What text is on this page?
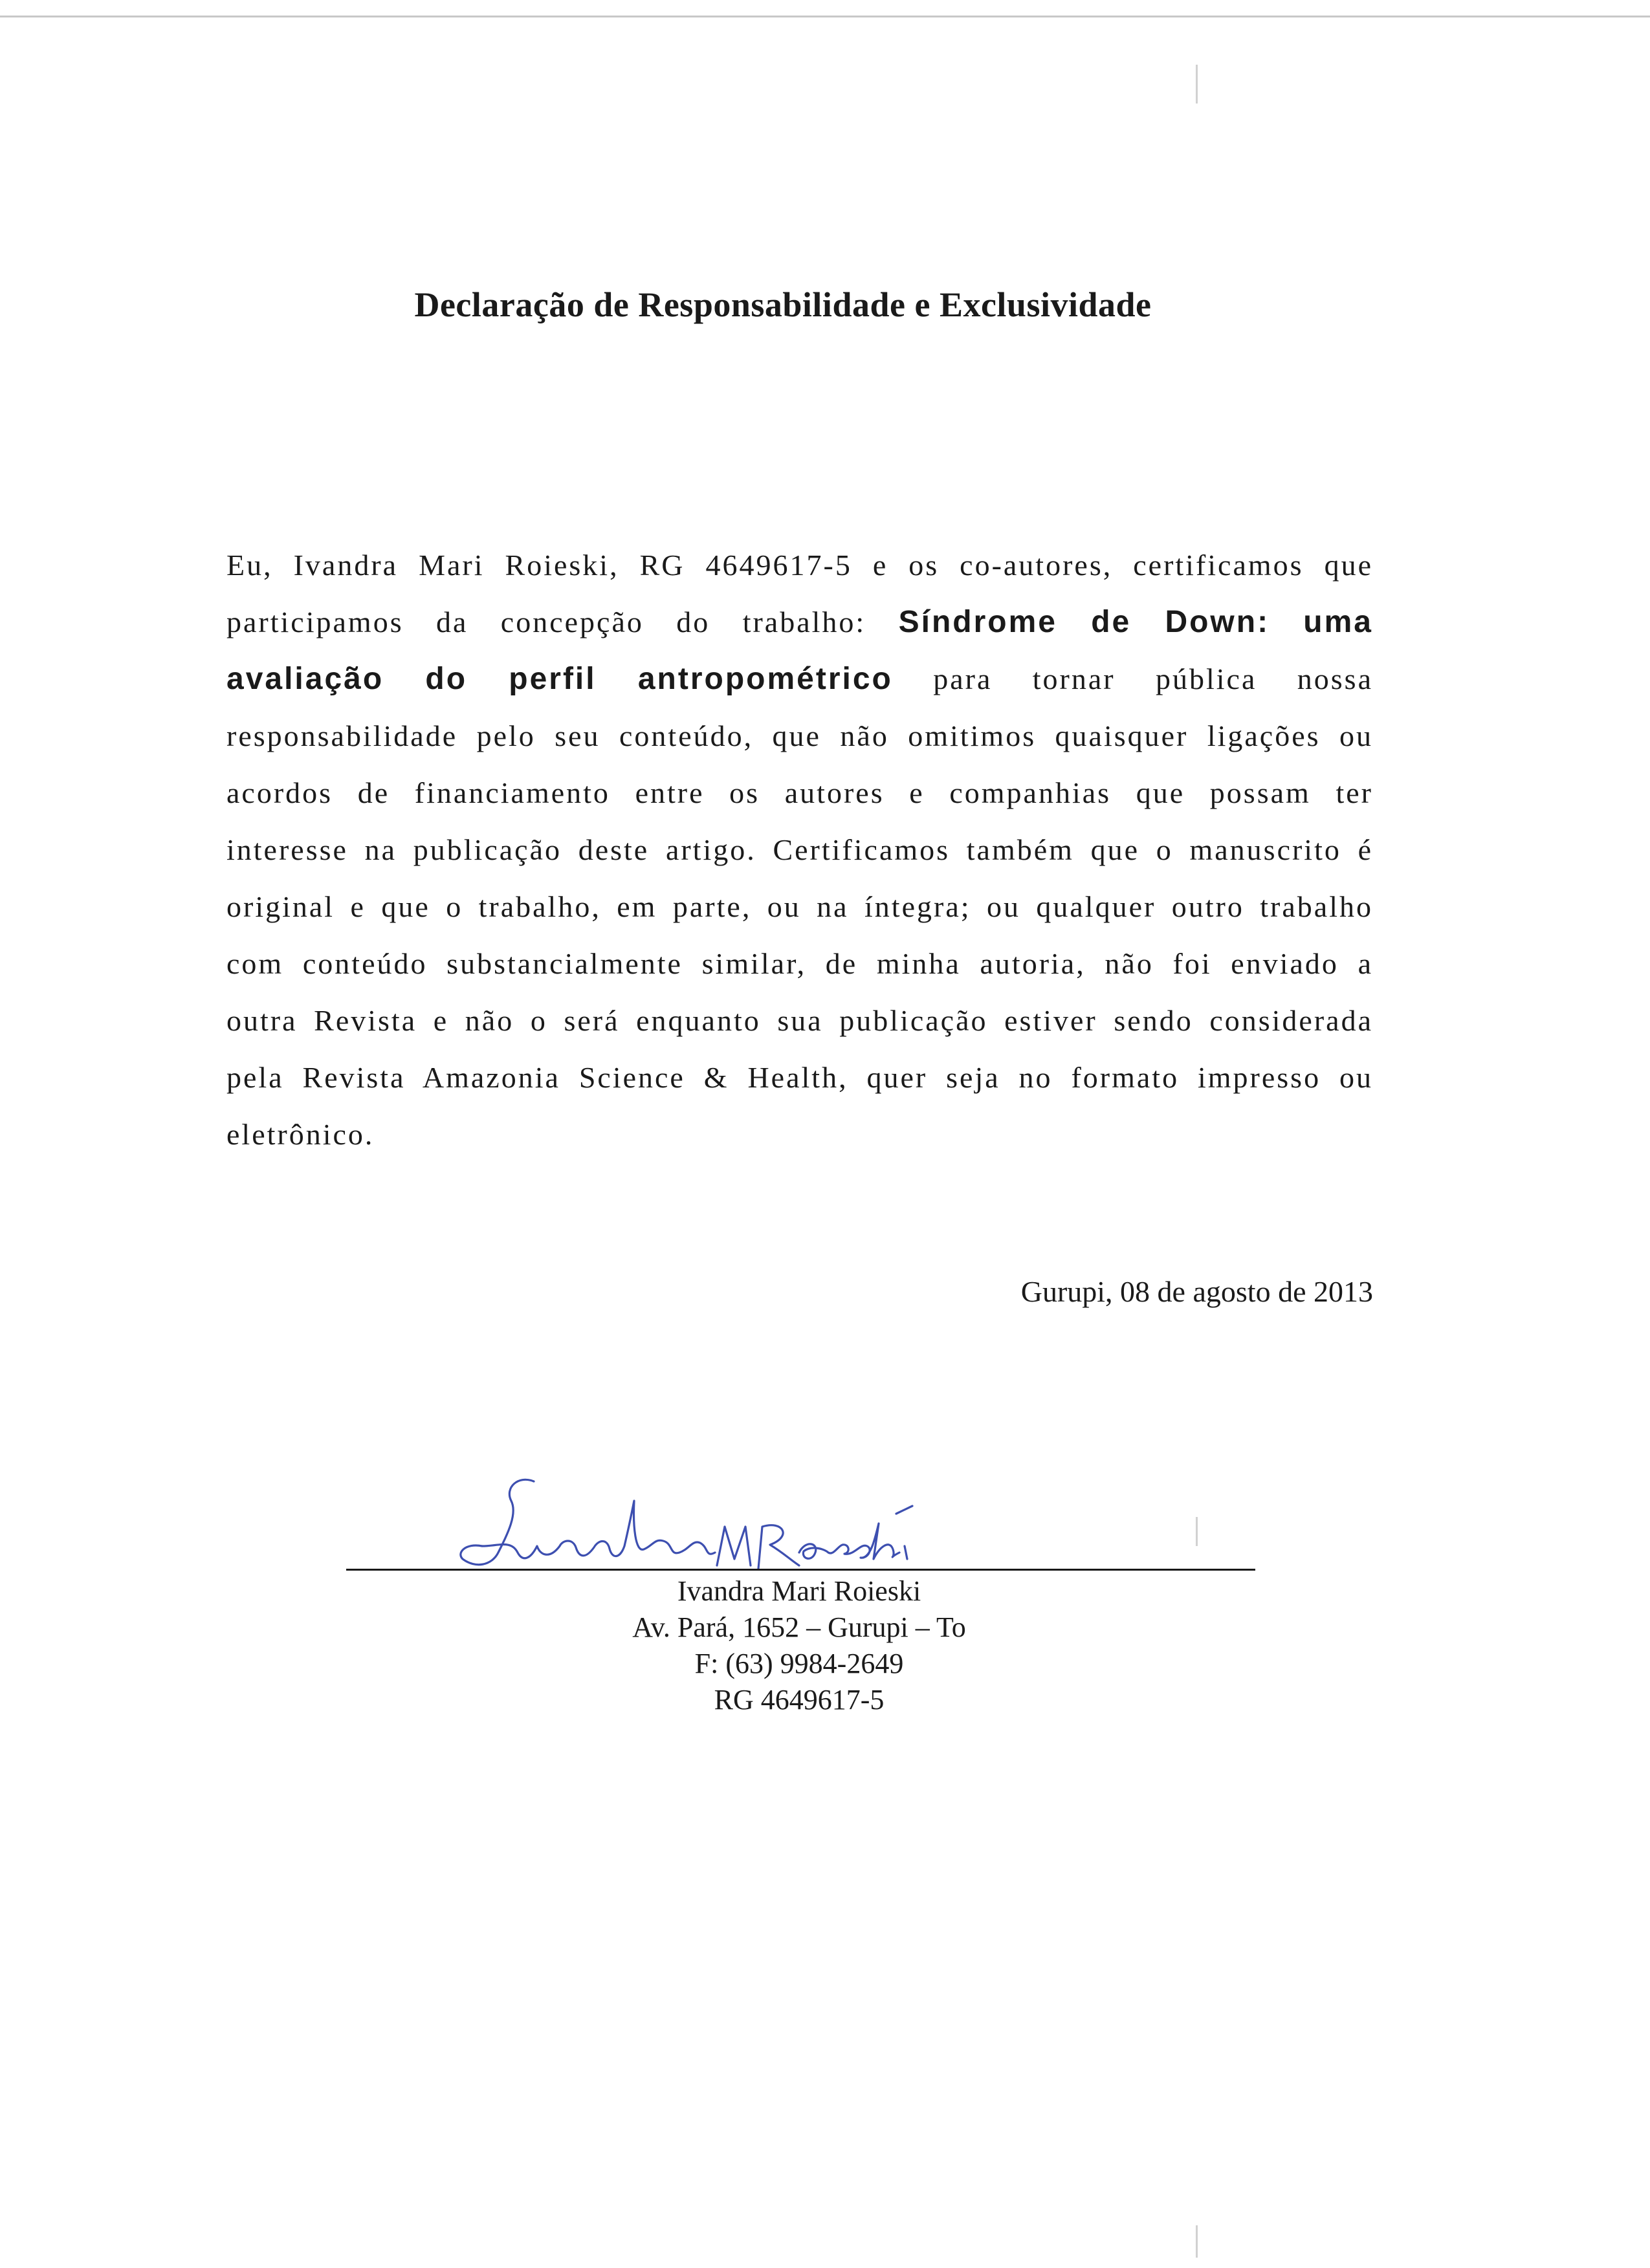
Declaração de Responsabilidade e Exclusividade

Eu, Ivandra Mari Roieski, RG 4649617-5 e os co-autores, certificamos que participamos da concepção do trabalho: Síndrome de Down: uma avaliação do perfil antropométrico para tornar pública nossa responsabilidade pelo seu conteúdo, que não omitimos quaisquer ligações ou acordos de financiamento entre os autores e companhias que possam ter interesse na publicação deste artigo. Certificamos também que o manuscrito é original e que o trabalho, em parte, ou na íntegra; ou qualquer outro trabalho com conteúdo substancialmente similar, de minha autoria, não foi enviado a outra Revista e não o será enquanto sua publicação estiver sendo considerada pela Revista Amazonia Science & Health, quer seja no formato impresso ou eletrônico.

Gurupi, 08 de agosto de 2013
Ivandra Mari Roieski
Av. Pará, 1652 – Gurupi – To
F: (63) 9984-2649
RG 4649617-5
